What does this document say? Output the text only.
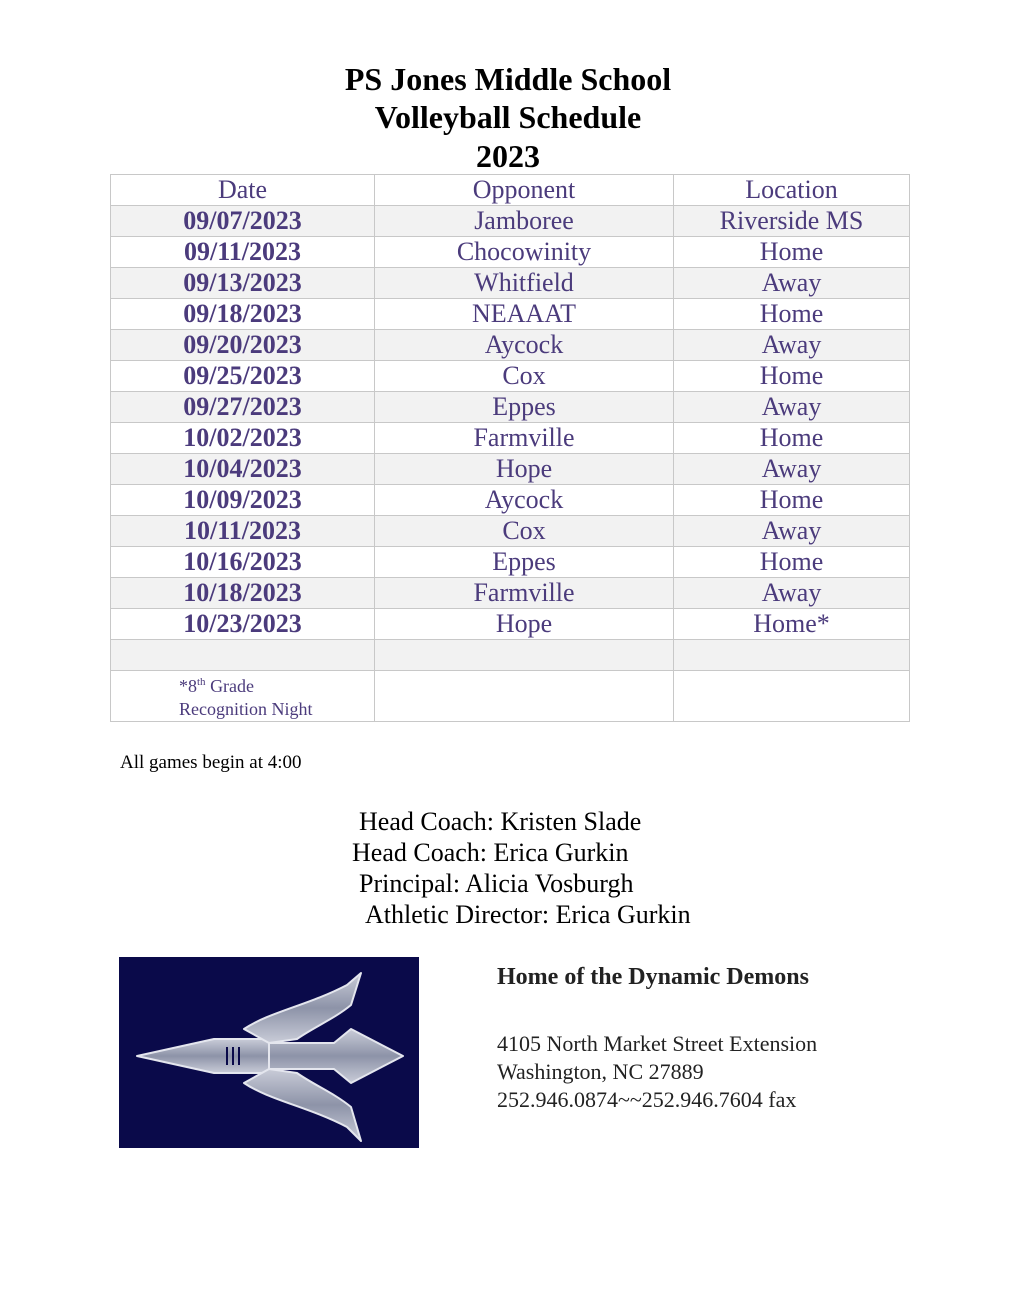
PS Jones Middle School
Volleyball Schedule
2023
Date	Opponent	Location
09/07/2023	Jamboree	Riverside MS
09/11/2023	Chocowinity	Home
09/13/2023	Whitfield	Away
09/18/2023	NEAAAT	Home
09/20/2023	Aycock	Away
09/25/2023	Cox	Home
09/27/2023	Eppes	Away
10/02/2023	Farmville	Home
10/04/2023	Hope	Away
10/09/2023	Aycock	Home
10/11/2023	Cox	Away
10/16/2023	Eppes	Home
10/18/2023	Farmville	Away
10/23/2023	Hope	Home*

*8th Grade
Recognition Night		
All games begin at 4:00
Head Coach: Kristen Slade
Head Coach: Erica Gurkin
Principal: Alicia Vosburgh
Athletic Director: Erica Gurkin
Home of the Dynamic Demons
4105 North Market Street Extension
Washington, NC 27889
252.946.0874~~252.946.7604 fax
